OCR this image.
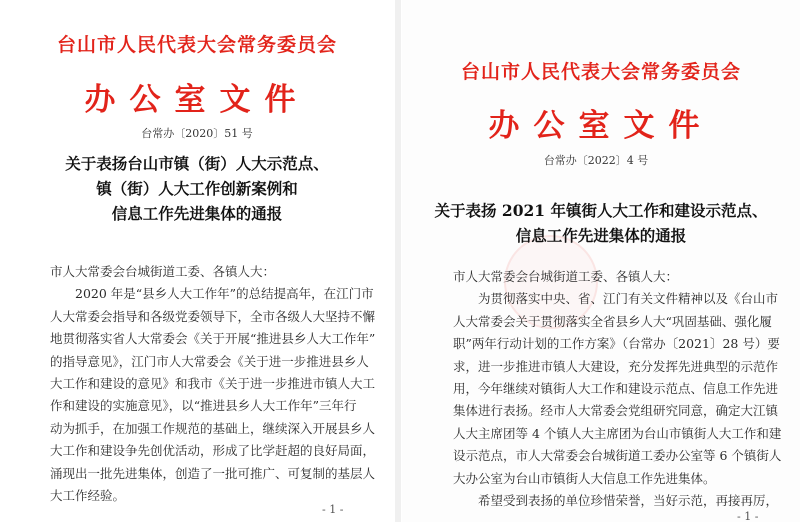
台山市人民代表大会常务委员会
办公室文件
台常办〔2020〕51 号
关于表扬台山市镇（街）人大示范点、
镇（街）人大工作创新案例和
信息工作先进集体的通报
市人大常委会台城街道工委、各镇人大：
2020 年是“县乡人大工作年”的总结提高年，在江门市
人大常委会指导和各级党委领导下，全市各级人大坚持不懈
地贯彻落实省人大常委会《关于开展“推进县乡人大工作年”
的指导意见》，江门市人大常委会《关于进一步推进县乡人
大工作和建设的意见》和我市《关于进一步推进市镇人大工
作和建设的实施意见》，以“推进县乡人大工作年”三年行
动为抓手，在加强工作规范的基础上，继续深入开展县乡人
大工作和建设争先创优活动，形成了比学赶超的良好局面，
涌现出一批先进集体，创造了一批可推广、可复制的基层人
大工作经验。
- 1 -
台山市人民代表大会常务委员会
办公室文件
台常办〔2022〕4 号
关于表扬 2021 年镇街人大工作和建设示范点、
信息工作先进集体的通报
市人大常委会台城街道工委、各镇人大：
为贯彻落实中央、省、江门有关文件精神以及《台山市
人大常委会关于贯彻落实全省县乡人大“巩固基础、强化履
职”两年行动计划的工作方案》（台常办〔2021〕28 号）要
求，进一步推进市镇人大建设，充分发挥先进典型的示范作
用，今年继续对镇街人大工作和建设示范点、信息工作先进
集体进行表扬。经市人大常委会党组研究同意，确定大江镇
人大主席团等 4 个镇人大主席团为台山市镇街人大工作和建
设示范点，市人大常委会台城街道工委办公室等 6 个镇街人
大办公室为台山市镇街人大信息工作先进集体。
希望受到表扬的单位珍惜荣誉，当好示范，再接再厉，
- 1 -
